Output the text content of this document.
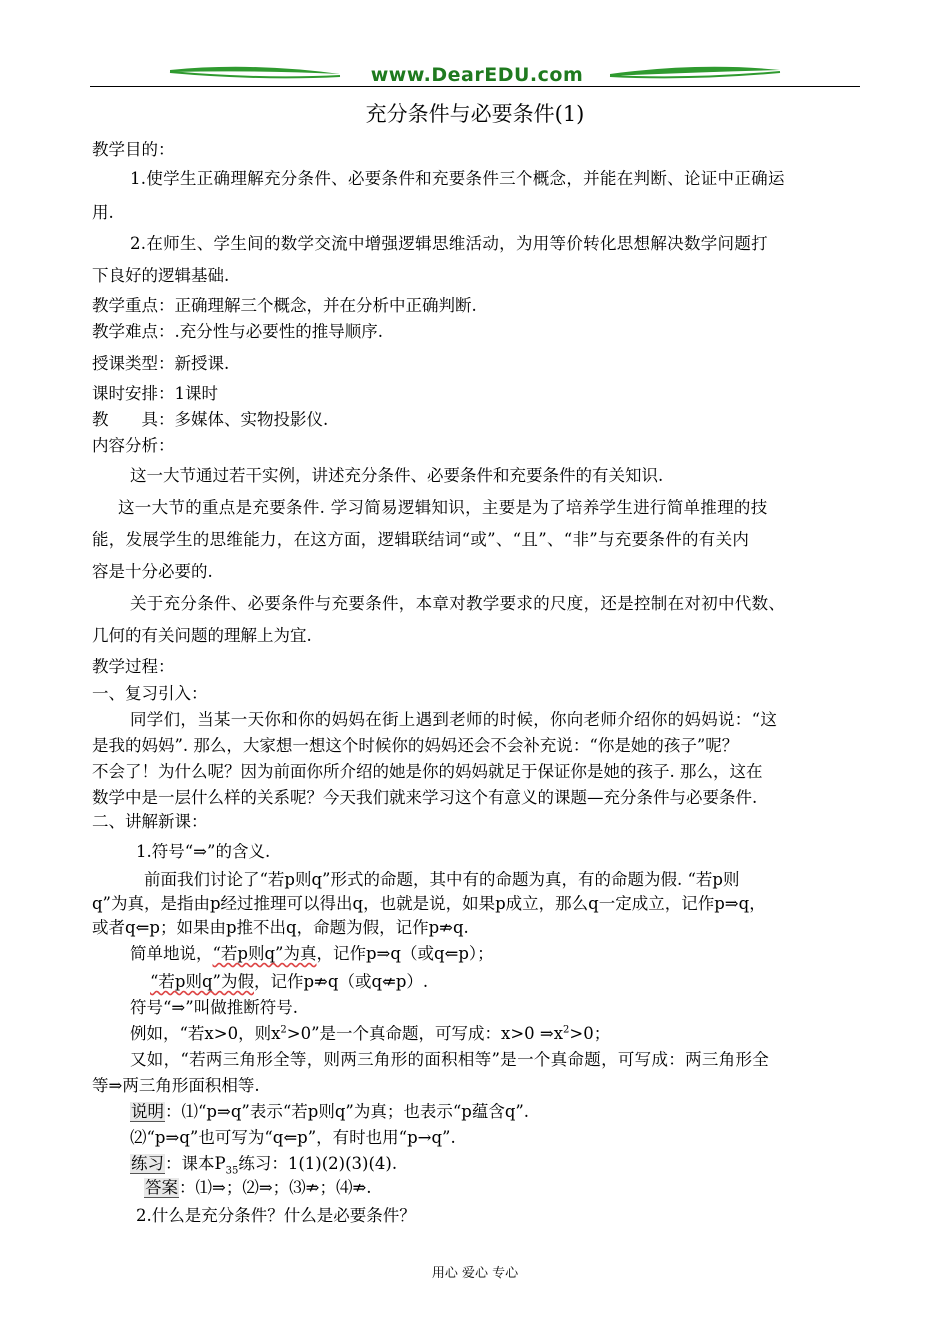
www.DearEDU.com
充分条件与必要条件(1)
教学目的：
1.使学生正确理解充分条件、必要条件和充要条件三个概念，并能在判断、论证中正确运
用.
2.在师生、学生间的数学交流中增强逻辑思维活动，为用等价转化思想解决数学问题打
下良好的逻辑基础.
教学重点：正确理解三个概念，并在分析中正确判断.
教学难点：.充分性与必要性的推导顺序.
授课类型：新授课.
课时安排：1课时
教　　具：多媒体、实物投影仪.
内容分析：
这一大节通过若干实例，讲述充分条件、必要条件和充要条件的有关知识.
这一大节的重点是充要条件. 学习简易逻辑知识，主要是为了培养学生进行简单推理的技
能，发展学生的思维能力，在这方面，逻辑联结词“或”、“且”、“非”与充要条件的有关内
容是十分必要的.
关于充分条件、必要条件与充要条件，本章对教学要求的尺度，还是控制在对初中代数、
几何的有关问题的理解上为宜.
教学过程：
一、复习引入：
同学们，当某一天你和你的妈妈在街上遇到老师的时候，你向老师介绍你的妈妈说：“这
是我的妈妈”. 那么，大家想一想这个时候你的妈妈还会不会补充说：“你是她的孩子”呢？
不会了！为什么呢？因为前面你所介绍的她是你的妈妈就足于保证你是她的孩子. 那么，这在
数学中是一层什么样的关系呢？今天我们就来学习这个有意义的课题—充分条件与必要条件.
二、讲解新课：
1.符号“⇒”的含义.
前面我们讨论了“若p则q”形式的命题，其中有的命题为真，有的命题为假. “若p则
q”为真，是指由p经过推理可以得出q，也就是说，如果p成立，那么q一定成立，记作p⇒q，
或者q⇐p；如果由p推不出q，命题为假，记作p⇏q.
简单地说，“若p则q”为真，记作p⇒q（或q⇐p）；
“若p则q”为假，记作p⇏q（或q⇍p）.
符号“⇒”叫做推断符号.
例如，“若x>0，则$x^2>0$”是一个真命题，可写成：x>0 $\Rightarrow x^2>0$；
又如，“若两三角形全等，则两三角形的面积相等”是一个真命题，可写成：两三角形全
等⇒两三角形面积相等.
说明：⑴“p⇒q”表示“若p则q”为真；也表示“p蕴含q”.
⑵“p⇒q”也可写为“q⇐p”，有时也用“p→q”.
练习：课本$P_{35}$练习：1(1)(2)(3)(4).
答案：⑴⇒；⑵⇒；⑶⇏；⑷⇏.
2.什么是充分条件？什么是必要条件？
用心 爱心 专心
